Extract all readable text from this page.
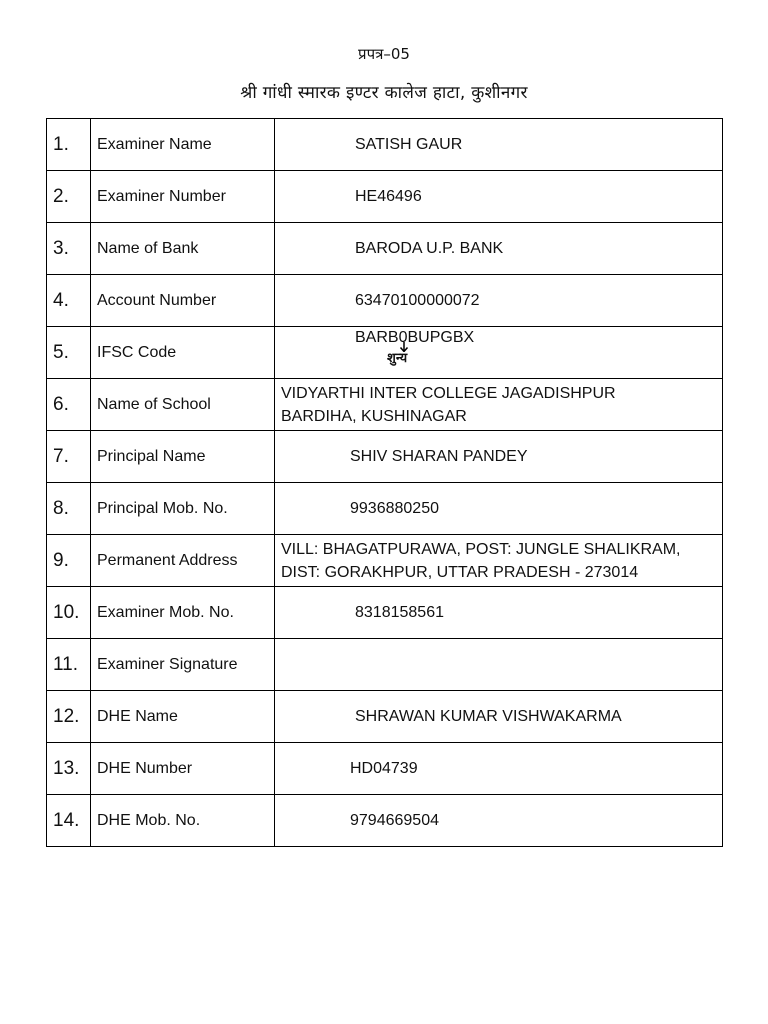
प्रपत्र–05
श्री गांधी स्मारक इण्टर कालेज हाटा, कुशीनगर
1.	Examiner Name	SATISH GAUR

2.	Examiner Number	HE46496

3.	Name of Bank	BARODA U.P. BANK

4.	Account Number	63470100000072

5.	IFSC Code	BARB0BUPGBX
शुन्य

6.	Name of School	VIDYARTHI INTER COLLEGE JAGADISHPUR
BARDIHA, KUSHINAGAR

7.	Principal Name	SHIV SHARAN PANDEY

8.	Principal Mob. No.	9936880250

9.	Permanent Address	VILL: BHAGATPURAWA, POST: JUNGLE SHALIKRAM,
DIST: GORAKHPUR, UTTAR PRADESH - 273014

10.	Examiner Mob. No.	8318158561

11.	Examiner Signature	

12.	DHE Name	SHRAWAN KUMAR VISHWAKARMA

13.	DHE Number	HD04739

14.	DHE Mob. No.	9794669504
